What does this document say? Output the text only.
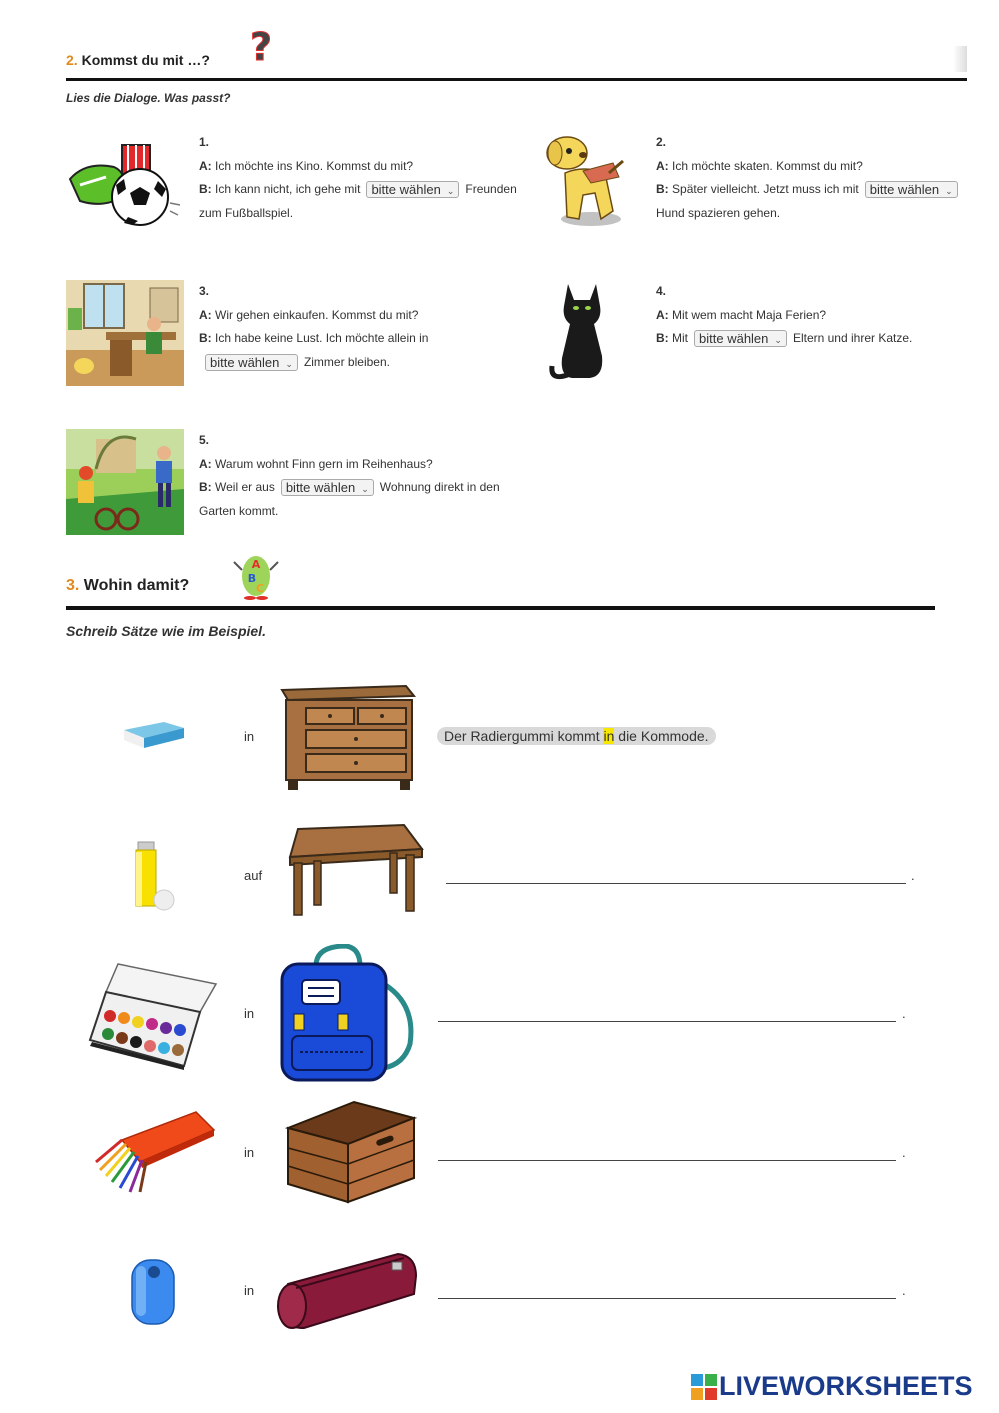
2. Kommst du mit …? ?
Lies die Dialoge. Was passt?
1.
A: Ich möchte ins Kino. Kommst du mit?
B: Ich kann nicht, ich gehe mit bitte wählen ⌄ Freunden
zum Fußballspiel.
2.
A: Ich möchte skaten. Kommst du mit?
B: Später vielleicht. Jetzt muss ich mit bitte wählen ⌄
Hund spazieren gehen.
3.
A: Wir gehen einkaufen. Kommst du mit?
B: Ich habe keine Lust. Ich möchte allein in
bitte wählen ⌄ Zimmer bleiben.
4.
A: Mit wem macht Maja Ferien?
B: Mit bitte wählen ⌄ Eltern und ihrer Katze.
5.
A: Warum wohnt Finn gern im Reihenhaus?
B: Weil er aus bitte wählen ⌄ Wohnung direkt in den
Garten kommt.
3. Wohin damit?
A
B
C
Schreib Sätze wie im Beispiel.
in	Der Radiergummi kommt in die Kommode.
auf	.
in	.
in	.
in	.
LIVEWORKSHEETS
